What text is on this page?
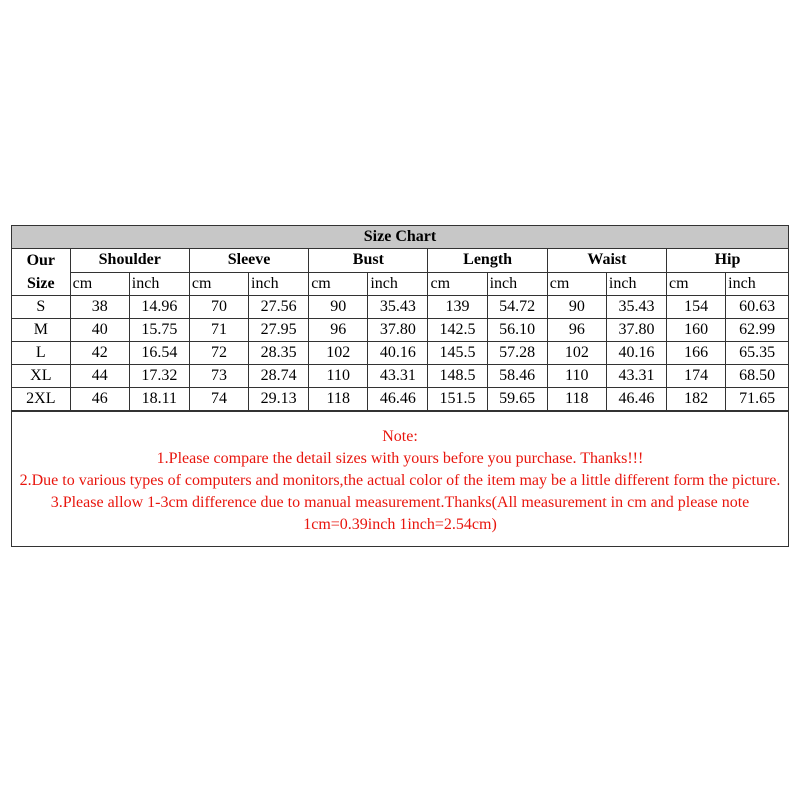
Size Chart												

Our
Size	Shoulder		Sleeve		Bust		Length		Waist		Hip	
	cm	inch	cm	inch	cm	inch	cm	inch	cm	inch	cm	inch
S	38	14.96	70	27.56	90	35.43	139	54.72	90	35.43	154	60.63
M	40	15.75	71	27.95	96	37.80	142.5	56.10	96	37.80	160	62.99
L	42	16.54	72	28.35	102	40.16	145.5	57.28	102	40.16	166	65.35
XL	44	17.32	73	28.74	110	43.31	148.5	58.46	110	43.31	174	68.50
2XL	46	18.11	74	29.13	118	46.46	151.5	59.65	118	46.46	182	71.65
Note:
1.Please compare the detail sizes with yours before you purchase. Thanks!!!
2.Due to various types of computers and monitors,the actual color of the item may be a little different form the picture.
3.Please allow 1-3cm difference due to manual measurement.Thanks(All measurement in cm and please note 1cm=0.39inch 1inch=2.54cm)
